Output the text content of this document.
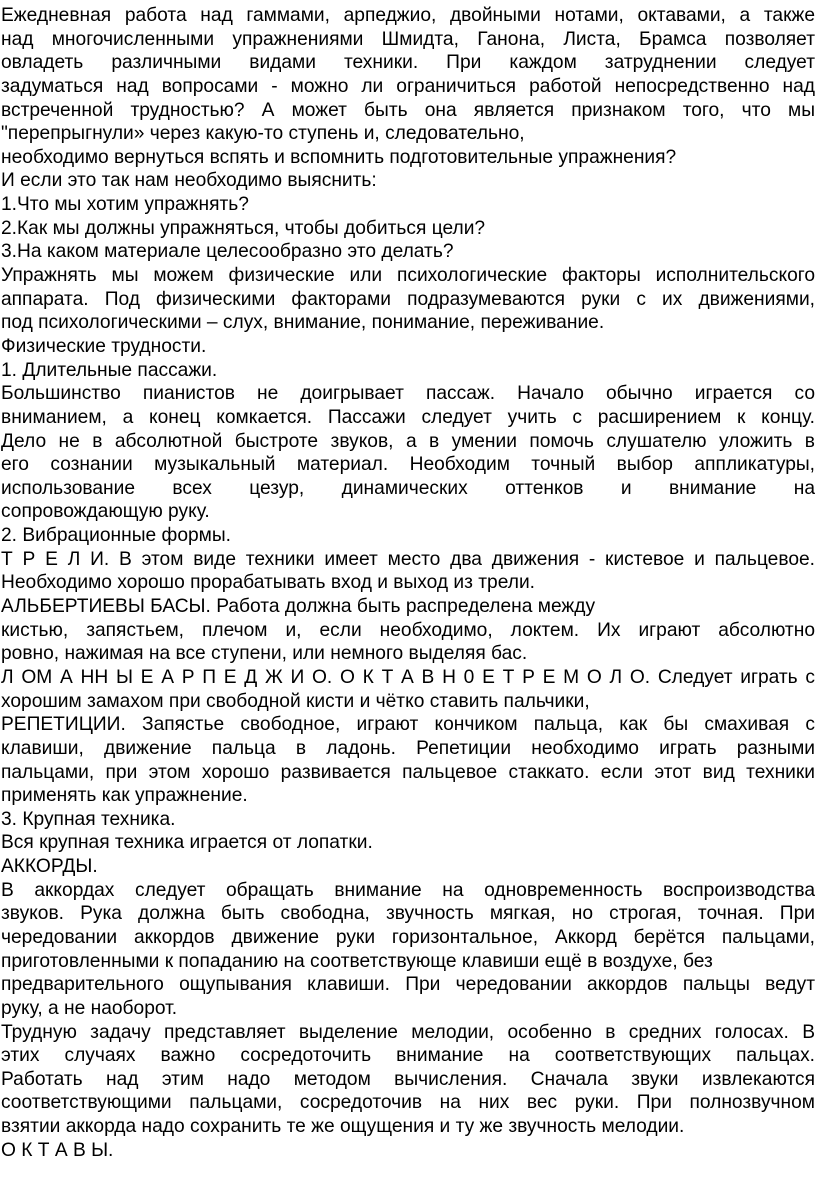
Ежедневная работа над гаммами, арпеджио, двойными нотами, октавами, а также
над многочисленными упражнениями Шмидта, Ганона, Листа, Брамса позволяет
овладеть различными видами техники. При каждом затруднении следует
задуматься над вопросами - можно ли ограничиться работой непосредственно над
встреченной трудностью? А может быть она является признаком того, что мы
"перепрыгнули» через какую-то ступень и, следовательно,
необходимо вернуться вспять и вспомнить подготовительные упражнения?
И если это так нам необходимо выяснить:
1.Что мы хотим упражнять?
2.Как мы должны упражняться, чтобы добиться цели?
3.На каком материале целесообразно это делать?
Упражнять мы можем физические или психологические факторы исполнительского
аппарата. Под физическими факторами подразумеваются руки с их движениями,
под психологическими – слух, внимание, понимание, переживание.
Физические трудности.
1. Длительные пассажи.
Большинство пианистов не доигрывает пассаж. Начало обычно играется со
вниманием, а конец комкается. Пассажи следует учить с расширением к концу.
Дело не в абсолютной быстроте звуков, а в умении помочь слушателю уложить в
его сознании музыкальный материал. Необходим точный выбор аппликатуры,
использование всех цезур, динамических оттенков и внимание на
сопровождающую руку.
2. Вибрационные формы.
Т Р Е Л И. В этом виде техники имеет место два движения - кистевое и пальцевое.
Необходимо хорошо прорабатывать вход и выход из трели.
АЛЬБЕРТИЕВЫ БАСЫ. Работа должна быть распределена между
кистью, запястьем, плечом и, если необходимо, локтем. Их играют абсолютно
ровно, нажимая на все ступени, или немного выделяя бас.
Л ОМ А НН Ы Е А Р П Е Д Ж И О. О К Т А В Н 0 Е Т Р Е М О Л О. Следует играть с
хорошим замахом при свободной кисти и чётко ставить пальчики,
РЕПЕТИЦИИ. Запястье свободное, играют кончиком пальца, как бы смахивая с
клавиши, движение пальца в ладонь. Репетиции необходимо играть разными
пальцами, при этом хорошо развивается пальцевое стаккато. если этот вид техники
применять как упражнение.
3. Крупная техника.
Вся крупная техника играется от лопатки.
АККОРДЫ.
В аккордах следует обращать внимание на одновременность воспроизводства
звуков. Рука должна быть свободна, звучность мягкая, но строгая, точная. При
чередовании аккордов движение руки горизонтальное, Аккорд берётся пальцами,
приготовленными к попаданию на соответствующе клавиши ещё в воздухе, без
предварительного ощупывания клавиши. При чередовании аккордов пальцы ведут
руку, а не наоборот.
Трудную задачу представляет выделение мелодии, особенно в средних голосах. В
этих случаях важно сосредоточить внимание на соответствующих пальцах.
Работать над этим надо методом вычисления. Сначала звуки извлекаются
соответствующими пальцами, сосредоточив на них вес руки. При полнозвучном
взятии аккорда надо сохранить те же ощущения и ту же звучность мелодии.
О К Т А В Ы.
